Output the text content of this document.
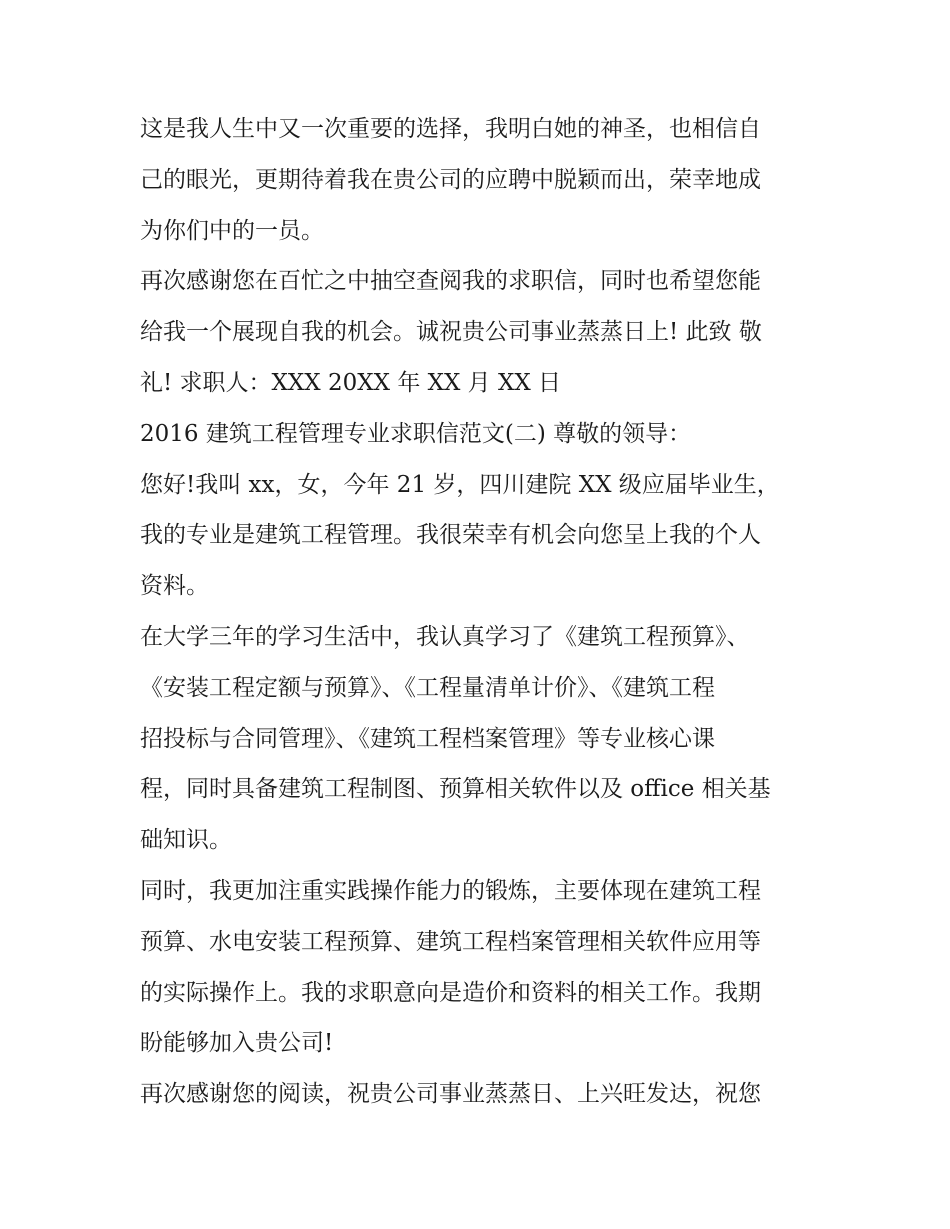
这是我人生中又一次重要的选择，我明白她的神圣，也相信自
己的眼光，更期待着我在贵公司的应聘中脱颖而出，荣幸地成
为你们中的一员。
再次感谢您在百忙之中抽空查阅我的求职信，同时也希望您能
给我一个展现自我的机会。诚祝贵公司事业蒸蒸日上! 此致 敬
礼! 求职人：XXX 20XX 年 XX 月 XX 日
2016 建筑工程管理专业求职信范文(二) 尊敬的领导：
您好!我叫 xx，女，今年 21 岁，四川建院 XX 级应届毕业生，
我的专业是建筑工程管理。我很荣幸有机会向您呈上我的个人
资料。
在大学三年的学习生活中，我认真学习了《建筑工程预算》、
《安装工程定额与预算》、《工程量清单计价》、《建筑工程
招投标与合同管理》、《建筑工程档案管理》等专业核心课
程，同时具备建筑工程制图、预算相关软件以及 office 相关基
础知识。
同时，我更加注重实践操作能力的锻炼，主要体现在建筑工程
预算、水电安装工程预算、建筑工程档案管理相关软件应用等
的实际操作上。我的求职意向是造价和资料的相关工作。我期
盼能够加入贵公司!
再次感谢您的阅读，祝贵公司事业蒸蒸日、上兴旺发达，祝您
